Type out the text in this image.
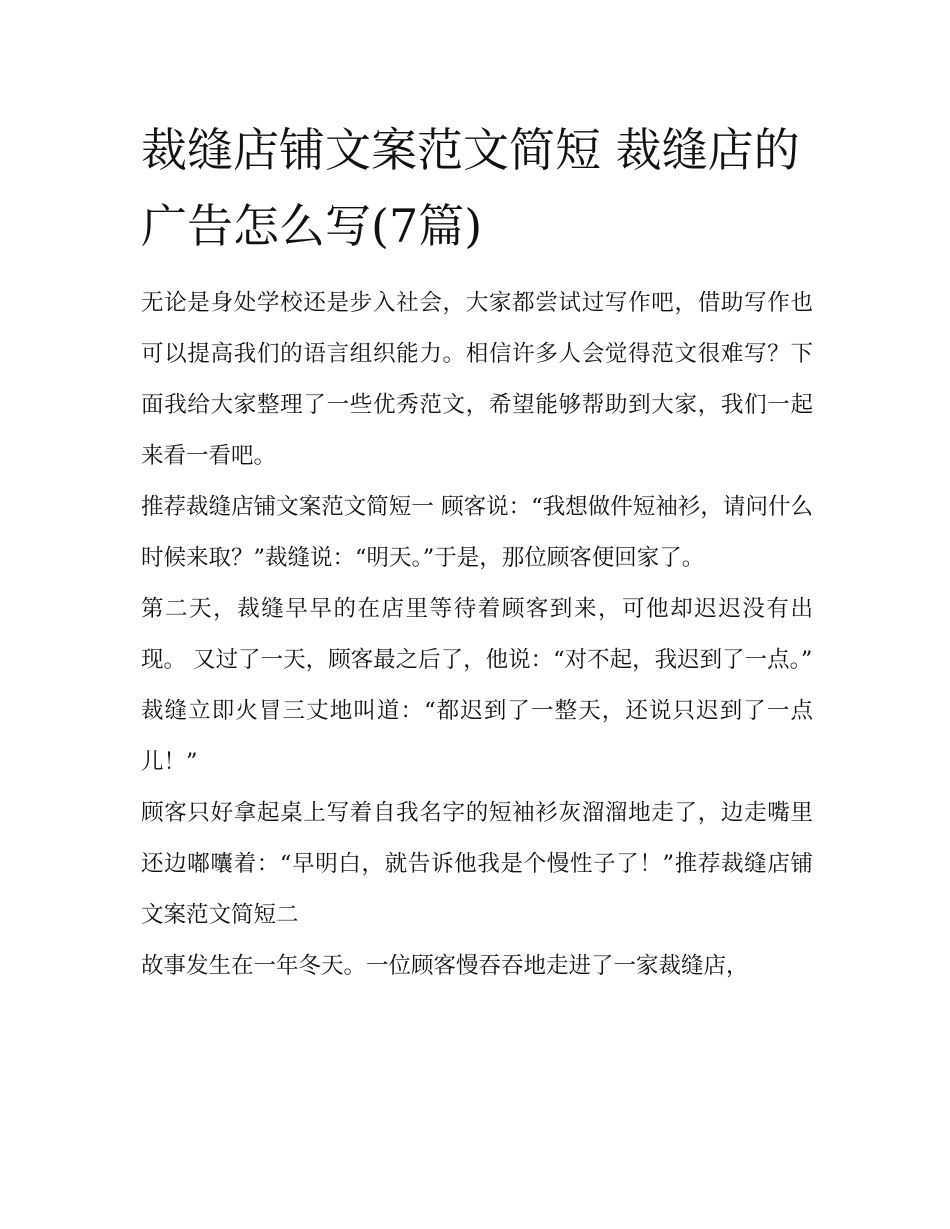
裁缝店铺文案范文简短 裁缝店的广告怎么写(7篇)

无论是身处学校还是步入社会，大家都尝试过写作吧，借助写作也可以提高我们的语言组织能力。相信许多人会觉得范文很难写？下面我给大家整理了一些优秀范文，希望能够帮助到大家，我们一起来看一看吧。

推荐裁缝店铺文案范文简短一 顾客说：“我想做件短袖衫，请问什么时候来取？”裁缝说：“明天。”于是，那位顾客便回家了。

第二天，裁缝早早的在店里等待着顾客到来，可他却迟迟没有出现。 又过了一天，顾客最之后了，他说：“对不起，我迟到了一点。”

裁缝立即火冒三丈地叫道：“都迟到了一整天，还说只迟到了一点儿！”

顾客只好拿起桌上写着自我名字的短袖衫灰溜溜地走了，边走嘴里还边嘟囔着：“早明白，就告诉他我是个慢性子了！”推荐裁缝店铺文案范文简短二

故事发生在一年冬天。一位顾客慢吞吞地走进了一家裁缝店，
